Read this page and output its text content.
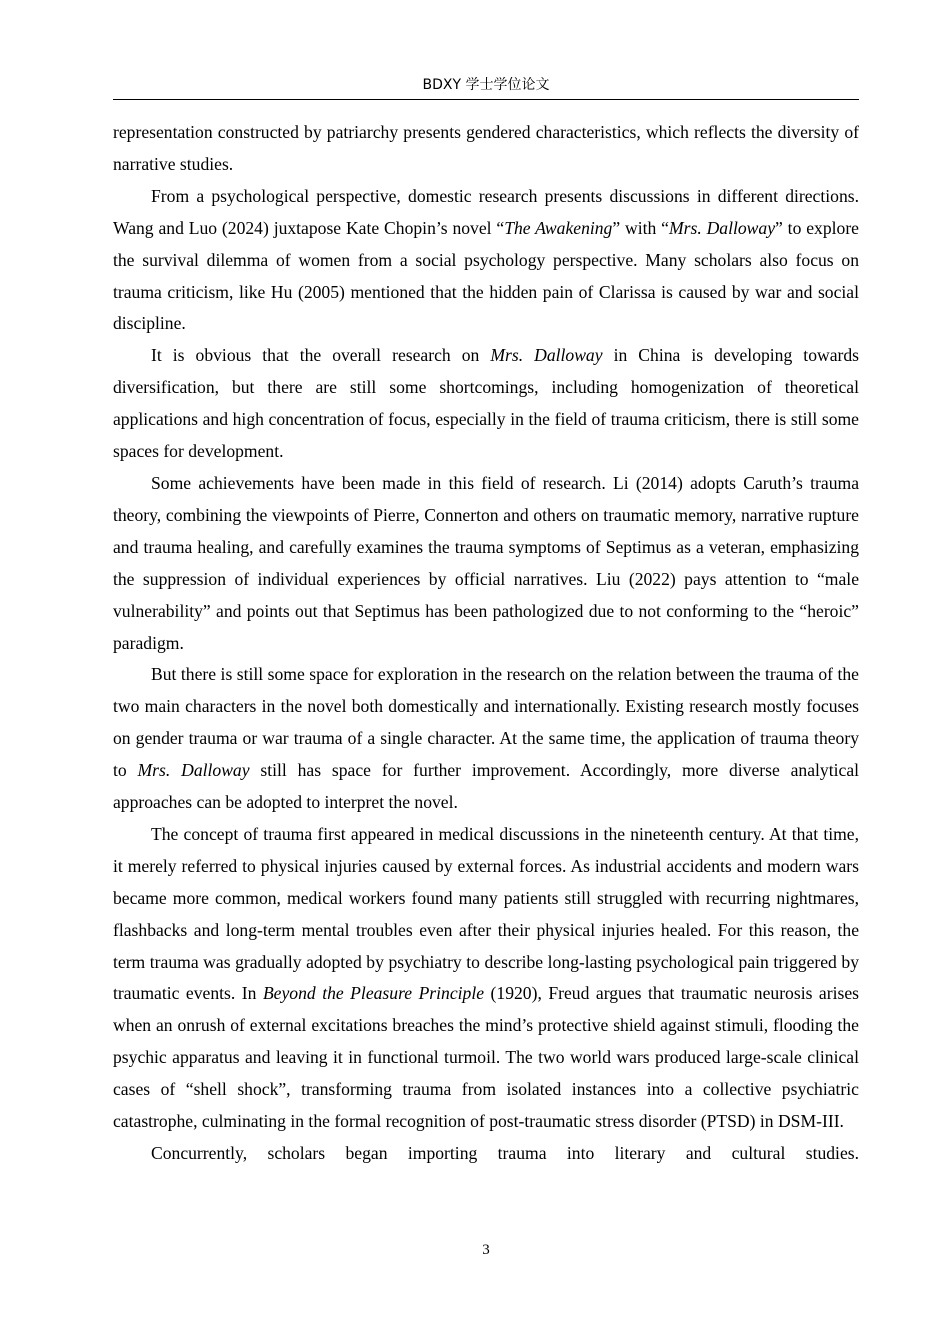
BDXY 学士学位论文

representation constructed by patriarchy presents gendered characteristics, which reflects the diversity of narrative studies.

From a psychological perspective, domestic research presents discussions in different directions. Wang and Luo (2024) juxtapose Kate Chopin’s novel “The Awakening” with “Mrs. Dalloway” to explore the survival dilemma of women from a social psychology perspective. Many scholars also focus on trauma criticism, like Hu (2005) mentioned that the hidden pain of Clarissa is caused by war and social discipline.

It is obvious that the overall research on Mrs. Dalloway in China is developing towards diversification, but there are still some shortcomings, including homogenization of theoretical applications and high concentration of focus, especially in the field of trauma criticism, there is still some spaces for development.

Some achievements have been made in this field of research. Li (2014) adopts Caruth’s trauma theory, combining the viewpoints of Pierre, Connerton and others on traumatic memory, narrative rupture and trauma healing, and carefully examines the trauma symptoms of Septimus as a veteran, emphasizing the suppression of individual experiences by official narratives. Liu (2022) pays attention to “male vulnerability” and points out that Septimus has been pathologized due to not conforming to the “heroic” paradigm.

But there is still some space for exploration in the research on the relation between the trauma of the two main characters in the novel both domestically and internationally. Existing research mostly focuses on gender trauma or war trauma of a single character. At the same time, the application of trauma theory to Mrs. Dalloway still has space for further improvement. Accordingly, more diverse analytical approaches can be adopted to interpret the novel.

The concept of trauma first appeared in medical discussions in the nineteenth century. At that time, it merely referred to physical injuries caused by external forces. As industrial accidents and modern wars became more common, medical workers found many patients still struggled with recurring nightmares, flashbacks and long-term mental troubles even after their physical injuries healed. For this reason, the term trauma was gradually adopted by psychiatry to describe long-lasting psychological pain triggered by traumatic events. In Beyond the Pleasure Principle (1920), Freud argues that traumatic neurosis arises when an onrush of external excitations breaches the mind’s protective shield against stimuli, flooding the psychic apparatus and leaving it in functional turmoil. The two world wars produced large-scale clinical cases of “shell shock”, transforming trauma from isolated instances into a collective psychiatric catastrophe, culminating in the formal recognition of post-traumatic stress disorder (PTSD) in DSM-III.

Concurrently, scholars began importing trauma into literary and cultural studies.

3
